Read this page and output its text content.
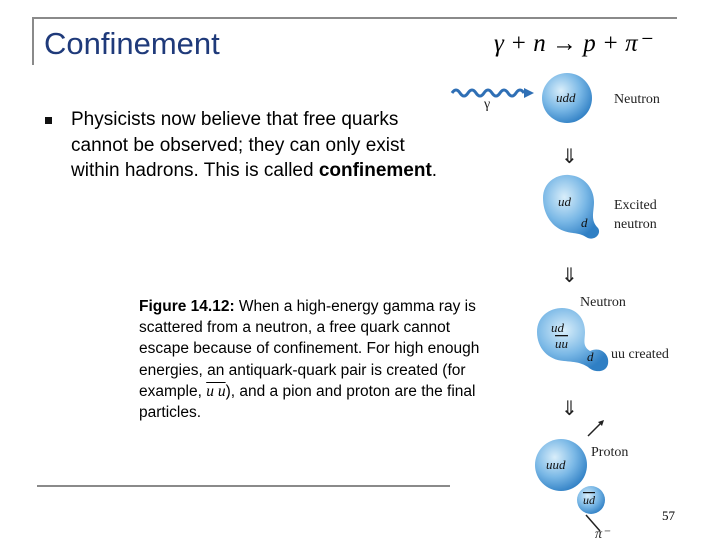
Confinement	γ + n → p + π⁻
Physicists now believe that free quarks cannot be observed; they can only exist within hadrons. This is called confinement.
Figure 14.12: When a high-energy gamma ray is scattered from a neutron, a free quark cannot escape because of confinement. For high enough energies, an antiquark-quark pair is created (for example, u u), and a pion and proton are the final particles.
57
γ	udd	Neutron
⇓
ud
d
Excited
neutron
⇓
Neutron
ud
uu
d uu created
⇓
Proton
uud
ud
π⁻
